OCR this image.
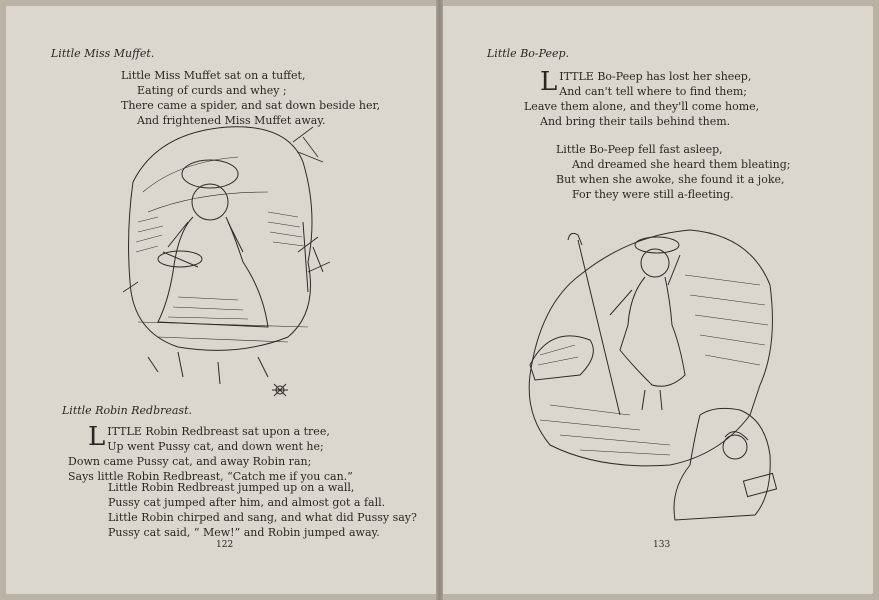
Little Miss Muffet.
Little Miss Muffet sat on a tuffet,
Eating of curds and whey ;
There came a spider, and sat down beside her,
And frightened Miss Muffet away.
Little Robin Redbreast.
L ITTLE Robin Redbreast sat upon a tree,
Up went Pussy cat, and down went he;
Down came Pussy cat, and away Robin ran;
Says little Robin Redbreast, “Catch me if you can.”
Little Robin Redbreast jumped up on a wall,
Pussy cat jumped after him, and almost got a fall.
Little Robin chirped and sang, and what did Pussy say?
Pussy cat said, “ Mew!” and Robin jumped away.
122
Little Bo-Peep.
L ITTLE Bo-Peep has lost her sheep,
And can't tell where to find them;
Leave them alone, and they'll come home,
And bring their tails behind them.
Little Bo-Peep fell fast asleep,
And dreamed she heard them bleating;
But when she awoke, she found it a joke,
For they were still a-fleeting.
133
